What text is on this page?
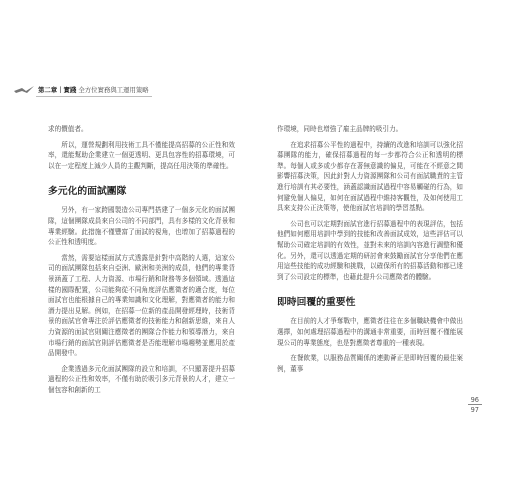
第二章｜實踐 全方位實務與工運用策略

求的價值者。

所以，運營規劃利用技術工具不僅能提高招募的公正性和效率，還能幫助企業建立一個更透明、更具包容性的招募環境，可以在一定程度上減少人員的主觀判斷，提高任用決策的準確性。

多元化的面試團隊

另外，有一家跨國製造公司專門搭建了一個多元化的面試團隊，這個團隊成員來自公司的不同部門，具有多樣的文化背景和專業經驗。此措施不僅豐富了面試的視角，也增加了招募過程的公正性和透明度。

當然，需要這樣面試方式透露是針對中高階的人選，這家公司的面試團隊包括來自亞洲、歐洲和美洲的成員，他們的專業背景涵蓋了工程、人力資源、市場行銷和財務等多個領域。透過這樣的國際配置，公司能夠從不同角度評估應徵者的適合度，每位面試官也能根據自己的專業知識和文化理解，對應徵者的能力和潛力提出見解。例如，在招募一位新的產品開發經理時，技術背景的面試官會專注於評估應徵者的技術能力和創新思維，來自人力資源的面試官則關注應徵者的團隊合作能力和領導潛力，來自市場行銷的面試官則評估應徵者是否能理解市場趨勢並應用於產品開發中。

企業透過多元化面試團隊的設立和培訓，不只顯著提升招募過程的公正性和效率，不僅有助於吸引多元背景的人才，建立一個包容和創新的工

作環境，同時也增強了雇主品牌的吸引力。

在追求招募公平性的過程中，持續的改進和培訓可以強化招募團隊的能力，確保招募過程的每一步都符合公正和透明的標準。每個人或多或少都存在著無意識的偏見，可能在不經意之間影響招募決策，因此針對人力資源團隊和公司有面試職責的主管進行培訓有其必要性，涵蓋認識面試過程中容易觸碰的行為，如何避免個人偏見，如何在面試過程中維持客觀性，及如何使用工具來支持公正決策等，使他面試官培訓的學習基點。

公司也可以定期對面試官進行招募過程中的表現評估，包括他們如何應用培訓中學到的技能和改善面試成效，這些評估可以幫助公司確定培訓的有效性，並對未來的培訓內容進行調整和優化。另外，還可以透過定期的研討會來鼓勵面試官分享他們在應用這些技能的成功經驗和挑戰，以確保所有的招募活動和都已達到了公司設定的標準，也藉此提升公司應徵者的體驗。

即時回覆的重要性

在目前的人才爭奪戰中，應徵者往往在多個職缺機會中做出選擇，如何處理招募過程中的溝通非常重要，而時回覆不僅能展現公司的專業態度，也是對應徵者尊重的一種表現。

在餐飲業，以服務品質關係的連動薈正是即時回覆的最佳案例，董事

96
97
